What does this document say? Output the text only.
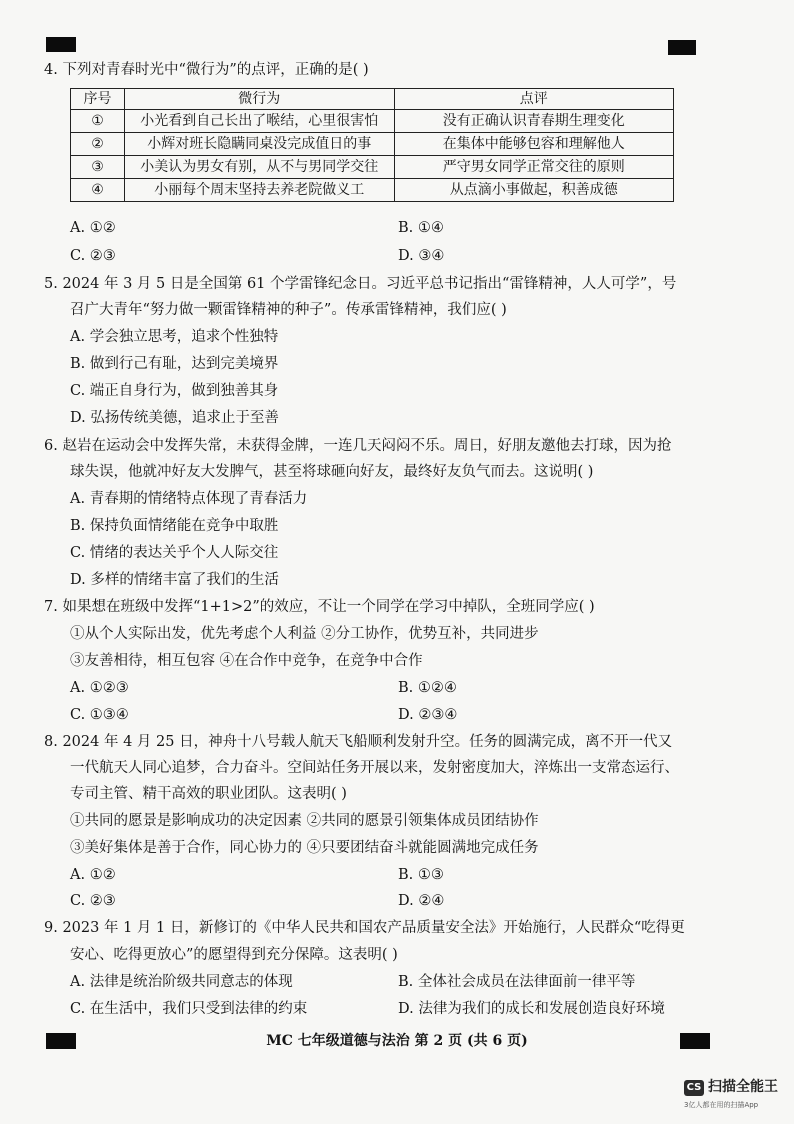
4. 下列对青春时光中“微行为”的点评，正确的是( )
序号	微行为	点评
①	小光看到自己长出了喉结，心里很害怕	没有正确认识青春期生理变化
②	小辉对班长隐瞒同桌没完成值日的事	在集体中能够包容和理解他人
③	小美认为男女有别，从不与男同学交往	严守男女同学正常交往的原则
④	小丽每个周末坚持去养老院做义工	从点滴小事做起，积善成德
A. ①②	B. ①④
C. ②③	D. ③④
5. 2024 年 3 月 5 日是全国第 61 个学雷锋纪念日。习近平总书记指出“雷锋精神，人人可学”，号
召广大青年“努力做一颗雷锋精神的种子”。传承雷锋精神，我们应( )
A. 学会独立思考，追求个性独特
B. 做到行己有耻，达到完美境界
C. 端正自身行为，做到独善其身
D. 弘扬传统美德，追求止于至善
6. 赵岩在运动会中发挥失常，未获得金牌，一连几天闷闷不乐。周日，好朋友邀他去打球，因为抢
球失误，他就冲好友大发脾气，甚至将球砸向好友，最终好友负气而去。这说明( )
A. 青春期的情绪特点体现了青春活力
B. 保持负面情绪能在竞争中取胜
C. 情绪的表达关乎个人人际交往
D. 多样的情绪丰富了我们的生活
7. 如果想在班级中发挥“1+1>2”的效应，不让一个同学在学习中掉队，全班同学应( )
①从个人实际出发，优先考虑个人利益 ②分工协作，优势互补，共同进步
③友善相待，相互包容 ④在合作中竞争，在竞争中合作
A. ①②③	B. ①②④
C. ①③④	D. ②③④
8. 2024 年 4 月 25 日，神舟十八号载人航天飞船顺利发射升空。任务的圆满完成，离不开一代又
一代航天人同心追梦，合力奋斗。空间站任务开展以来，发射密度加大，淬炼出一支常态运行、
专司主管、精干高效的职业团队。这表明( )
①共同的愿景是影响成功的决定因素 ②共同的愿景引领集体成员团结协作
③美好集体是善于合作，同心协力的 ④只要团结奋斗就能圆满地完成任务
A. ①②	B. ①③
C. ②③	D. ②④
9. 2023 年 1 月 1 日，新修订的《中华人民共和国农产品质量安全法》开始施行，人民群众“吃得更
安心、吃得更放心”的愿望得到充分保障。这表明( )
A. 法律是统治阶级共同意志的体现	B. 全体社会成员在法律面前一律平等
C. 在生活中，我们只受到法律的约束	D. 法律为我们的成长和发展创造良好环境
MC 七年级道德与法治 第 2 页 (共 6 页)
CS 扫描全能王
3亿人都在用的扫描App
